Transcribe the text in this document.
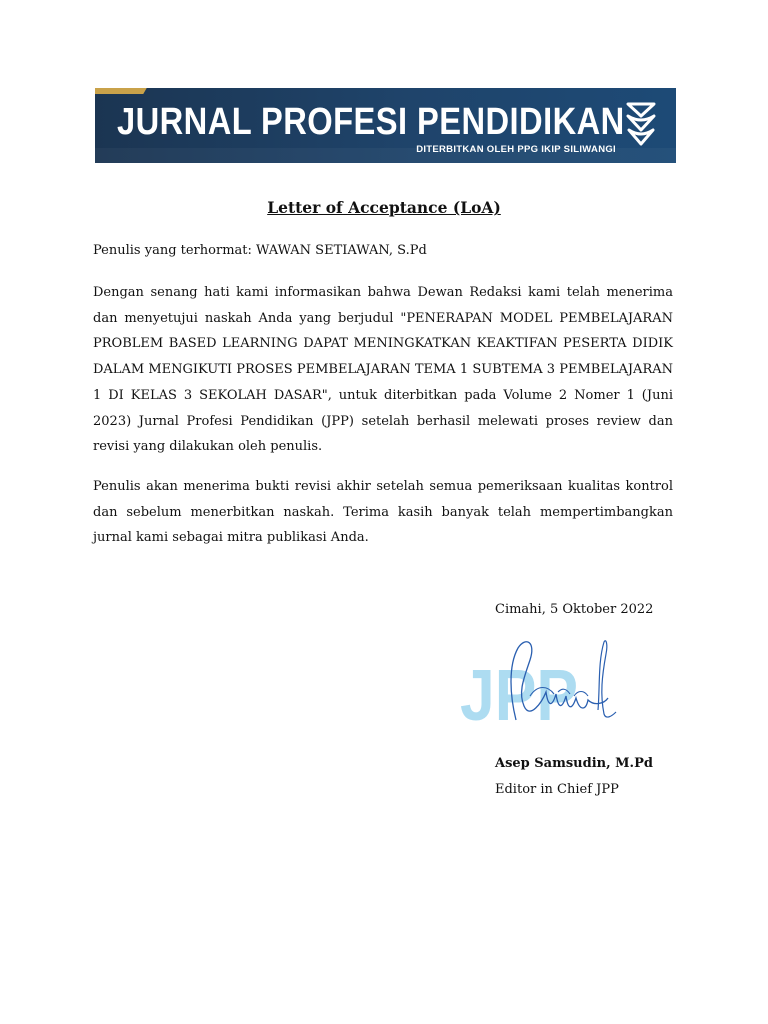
JURNAL PROFESI PENDIDIKAN
DITERBITKAN OLEH PPG IKIP SILIWANGI
Letter of Acceptance (LoA)
Penulis yang terhormat: WAWAN SETIAWAN, S.Pd

Dengan senang hati kami informasikan bahwa Dewan Redaksi kami telah menerima dan menyetujui naskah Anda yang berjudul "PENERAPAN MODEL PEMBELAJARAN PROBLEM BASED LEARNING DAPAT MENINGKATKAN KEAKTIFAN PESERTA DIDIK DALAM MENGIKUTI PROSES PEMBELAJARAN TEMA 1 SUBTEMA 3 PEMBELAJARAN 1 DI KELAS 3 SEKOLAH DASAR", untuk diterbitkan pada Volume 2 Nomer 1 (Juni 2023) Jurnal Profesi Pendidikan (JPP) setelah berhasil melewati proses review dan revisi yang dilakukan oleh penulis.

Penulis akan menerima bukti revisi akhir setelah semua pemeriksaan kualitas kontrol dan sebelum menerbitkan naskah. Terima kasih banyak telah mempertimbangkan jurnal kami sebagai mitra publikasi Anda.

Cimahi, 5 Oktober 2022
JPP
Asep Samsudin, M.Pd
Editor in Chief JPP
